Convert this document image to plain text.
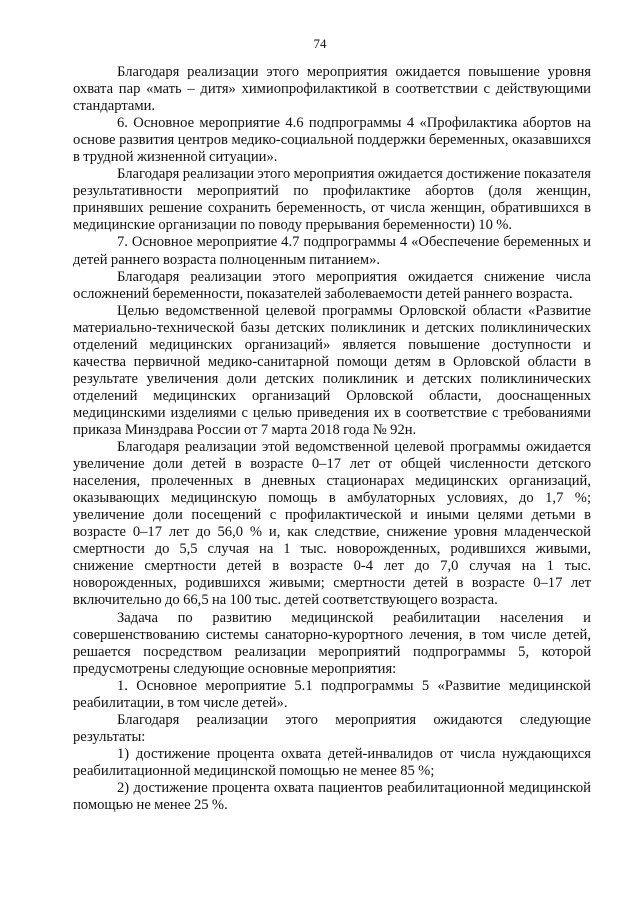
74

Благодаря реализации этого мероприятия ожидается повышение уровня охвата пар «мать – дитя» химиопрофилактикой в соответствии с действующими стандартами.

6. Основное мероприятие 4.6 подпрограммы 4 «Профилактика абортов на основе развития центров медико-социальной поддержки беременных, оказавшихся в трудной жизненной ситуации».

Благодаря реализации этого мероприятия ожидается достижение показателя результативности мероприятий по профилактике абортов (доля женщин, принявших решение сохранить беременность, от числа женщин, обратившихся в медицинские организации по поводу прерывания беременности) 10 %.

7. Основное мероприятие 4.7 подпрограммы 4 «Обеспечение беременных и детей раннего возраста полноценным питанием».

Благодаря реализации этого мероприятия ожидается снижение числа осложнений беременности, показателей заболеваемости детей раннего возраста.

Целью ведомственной целевой программы Орловской области «Развитие материально-технической базы детских поликлиник и детских поликлинических отделений медицинских организаций» является повышение доступности и качества первичной медико-санитарной помощи детям в Орловской области в результате увеличения доли детских поликлиник и детских поликлинических отделений медицинских организаций Орловской области, дооснащенных медицинскими изделиями с целью приведения их в соответствие с требованиями приказа Минздрава России от 7 марта 2018 года № 92н.

Благодаря реализации этой ведомственной целевой программы ожидается увеличение доли детей в возрасте 0–17 лет от общей численности детского населения, пролеченных в дневных стационарах медицинских организаций, оказывающих медицинскую помощь в амбулаторных условиях, до 1,7 %; увеличение доли посещений с профилактической и иными целями детьми в возрасте 0–17 лет до 56,0 % и, как следствие, снижение уровня младенческой смертности до 5,5 случая на 1 тыс. новорожденных, родившихся живыми, снижение смертности детей в возрасте 0-4 лет до 7,0 случая на 1 тыс. новорожденных, родившихся живыми; смертности детей в возрасте 0–17 лет включительно до 66,5 на 100 тыс. детей соответствующего возраста.

Задача по развитию медицинской реабилитации населения и совершенствованию системы санаторно-курортного лечения, в том числе детей, решается посредством реализации мероприятий подпрограммы 5, которой предусмотрены следующие основные мероприятия:

1. Основное мероприятие 5.1 подпрограммы 5 «Развитие медицинской реабилитации, в том числе детей».

Благодаря реализации этого мероприятия ожидаются следующие результаты:

1) достижение процента охвата детей-инвалидов от числа нуждающихся реабилитационной медицинской помощью не менее 85 %;

2) достижение процента охвата пациентов реабилитационной медицинской помощью не менее 25 %.
